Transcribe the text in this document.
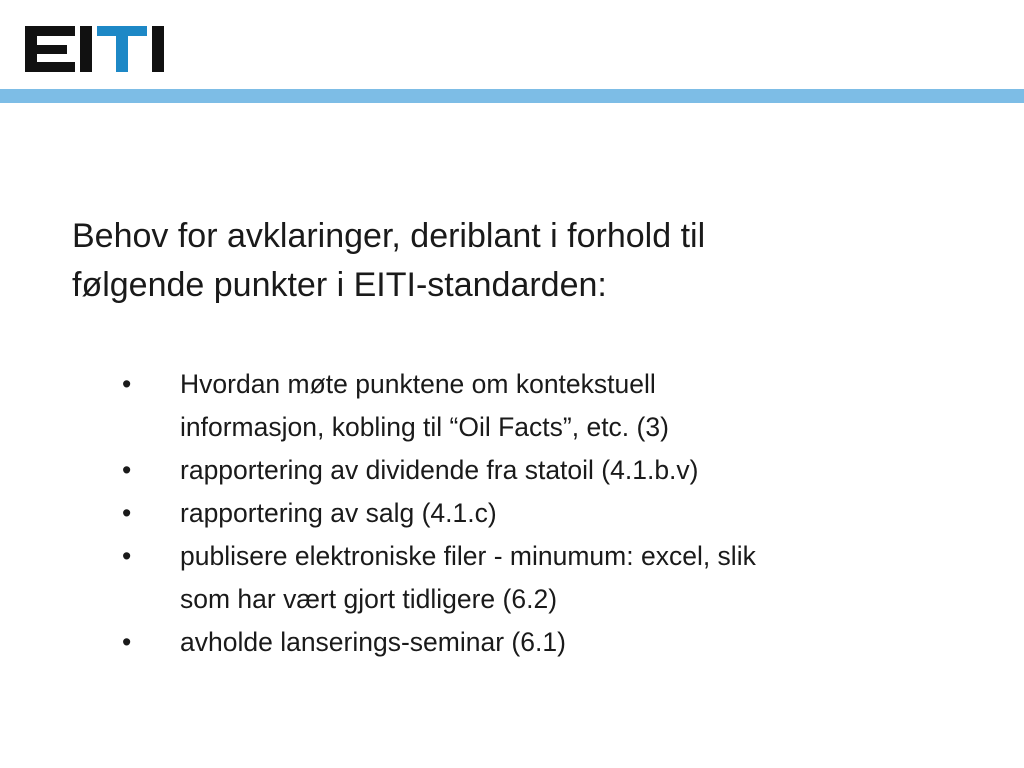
Behov for avklaringer, deriblant i forhold til
følgende punkter i EITI-standarden:

•	Hvordan møte punktene om kontekstuell
informasjon, kobling til “Oil Facts”, etc. (3)
•	rapportering av dividende fra statoil (4.1.b.v)
•	rapportering av salg (4.1.c)
•	publisere elektroniske filer - minumum: excel, slik
som har vært gjort tidligere (6.2)
•	avholde lanserings-seminar (6.1)
